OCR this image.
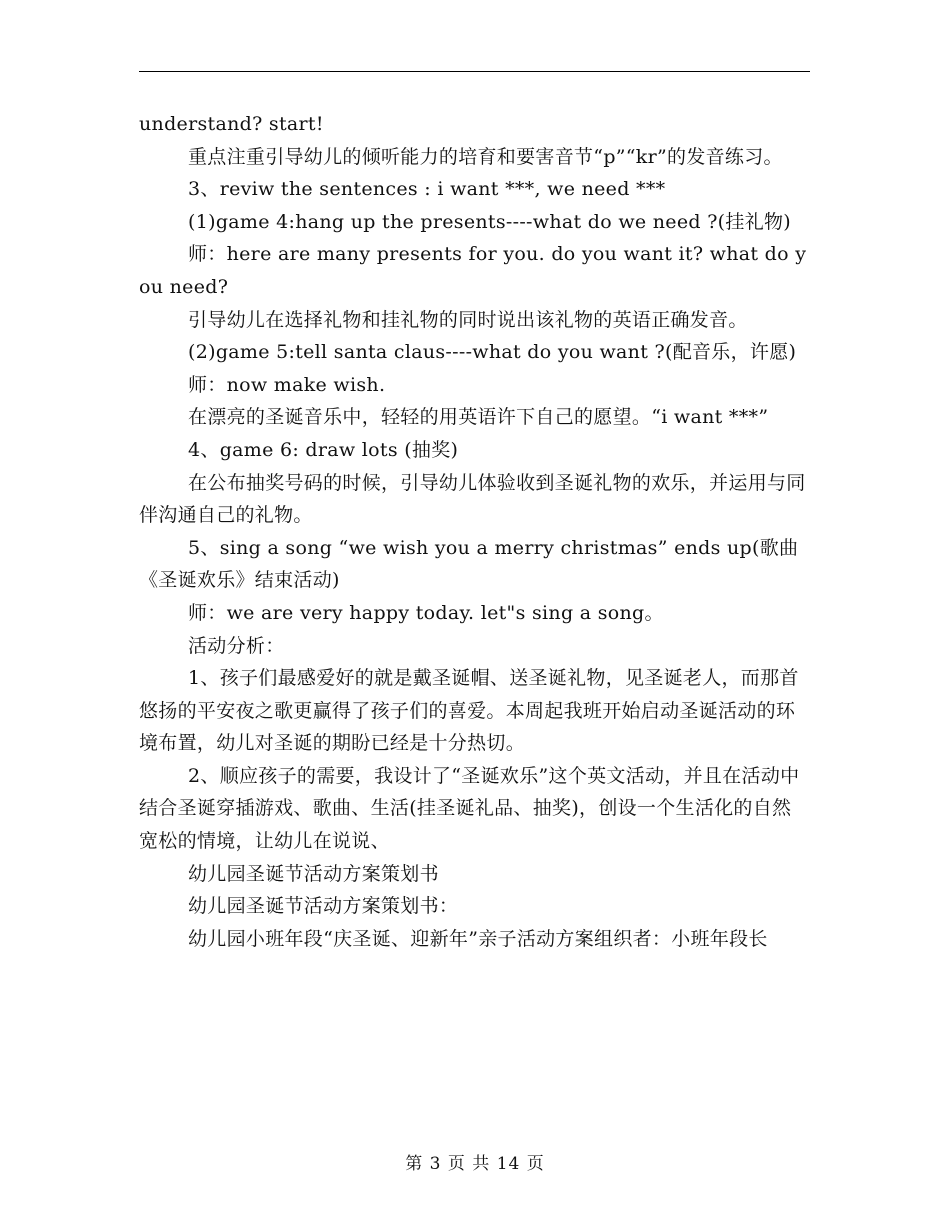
understand? start!

重点注重引导幼儿的倾听能力的培育和要害音节“p”“kr”的发音练习。

3、reviw the sentences : i want ***, we need ***

(1)game 4:hang up the presents----what do we need ?(挂礼物)

师：here are many presents for you. do you want it? what do you need?

引导幼儿在选择礼物和挂礼物的同时说出该礼物的英语正确发音。

(2)game 5:tell santa claus----what do you want ?(配音乐，许愿)

师：now make wish.

在漂亮的圣诞音乐中，轻轻的用英语许下自己的愿望。“i want ***”

4、game 6: draw lots (抽奖)

在公布抽奖号码的时候，引导幼儿体验收到圣诞礼物的欢乐，并运用与同伴沟通自己的礼物。

5、sing a song “we wish you a merry christmas” ends up(歌曲《圣诞欢乐》结束活动)

师：we are very happy today. let"s sing a song。

活动分析：

1、孩子们最感爱好的就是戴圣诞帽、送圣诞礼物，见圣诞老人，而那首悠扬的平安夜之歌更赢得了孩子们的喜爱。本周起我班开始启动圣诞活动的环境布置，幼儿对圣诞的期盼已经是十分热切。

2、顺应孩子的需要，我设计了“圣诞欢乐”这个英文活动，并且在活动中结合圣诞穿插游戏、歌曲、生活(挂圣诞礼品、抽奖)，创设一个生活化的自然宽松的情境，让幼儿在说说、

幼儿园圣诞节活动方案策划书

幼儿园圣诞节活动方案策划书：

幼儿园小班年段“庆圣诞、迎新年”亲子活动方案组织者：小班年段长

第 3 页 共 14 页
